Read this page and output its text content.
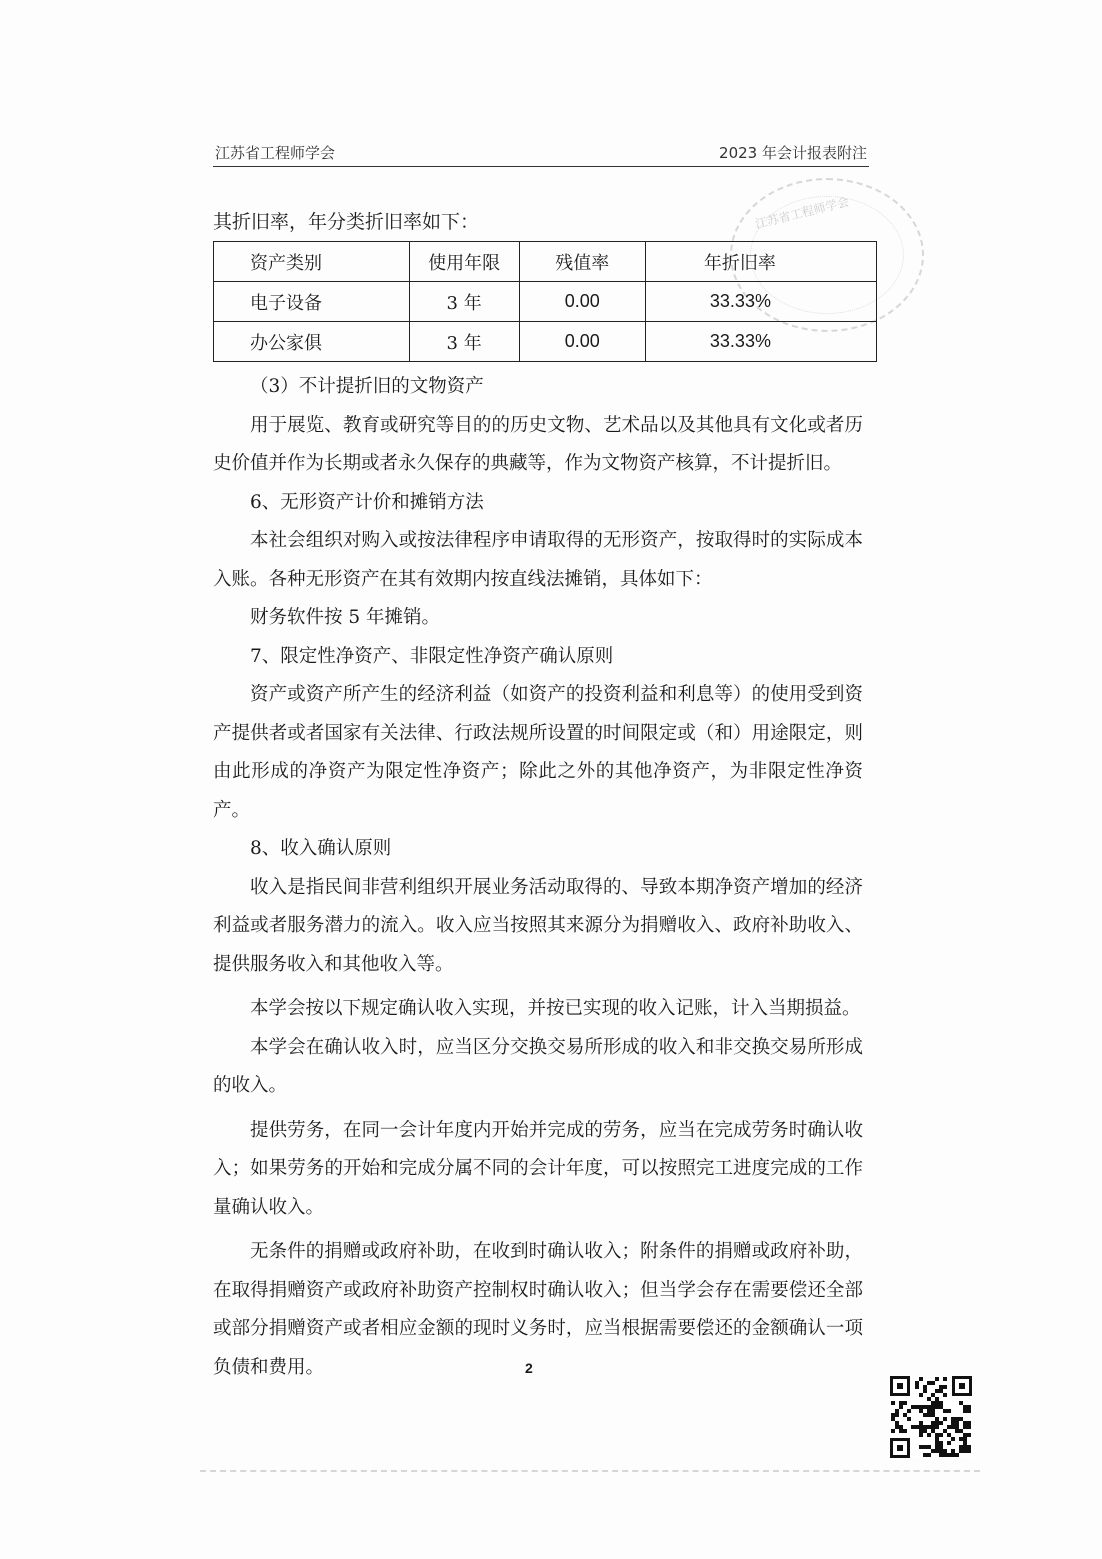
江苏省工程师学会	2023 年会计报表附注
江苏省工程师学会
其折旧率，年分类折旧率如下：
资产类别	使用年限	残值率	年折旧率
电子设备	3 年	0.00	33.33%
办公家俱	3 年	0.00	33.33%

（3）不计提折旧的文物资产

用于展览、教育或研究等目的的历史文物、艺术品以及其他具有文化或者历史价值并作为长期或者永久保存的典藏等，作为文物资产核算，不计提折旧。

6、无形资产计价和摊销方法

本社会组织对购入或按法律程序申请取得的无形资产，按取得时的实际成本入账。各种无形资产在其有效期内按直线法摊销，具体如下：

财务软件按 5 年摊销。

7、限定性净资产、非限定性净资产确认原则

资产或资产所产生的经济利益（如资产的投资利益和利息等）的使用受到资产提供者或者国家有关法律、行政法规所设置的时间限定或（和）用途限定，则由此形成的净资产为限定性净资产；除此之外的其他净资产，为非限定性净资产。

8、收入确认原则

收入是指民间非营利组织开展业务活动取得的、导致本期净资产增加的经济利益或者服务潜力的流入。收入应当按照其来源分为捐赠收入、政府补助收入、提供服务收入和其他收入等。

本学会按以下规定确认收入实现，并按已实现的收入记账，计入当期损益。

本学会在确认收入时，应当区分交换交易所形成的收入和非交换交易所形成的收入。

提供劳务，在同一会计年度内开始并完成的劳务，应当在完成劳务时确认收入；如果劳务的开始和完成分属不同的会计年度，可以按照完工进度完成的工作量确认收入。

无条件的捐赠或政府补助，在收到时确认收入；附条件的捐赠或政府补助，在取得捐赠资产或政府补助资产控制权时确认收入；但当学会存在需要偿还全部或部分捐赠资产或者相应金额的现时义务时，应当根据需要偿还的金额确认一项负债和费用。	2
